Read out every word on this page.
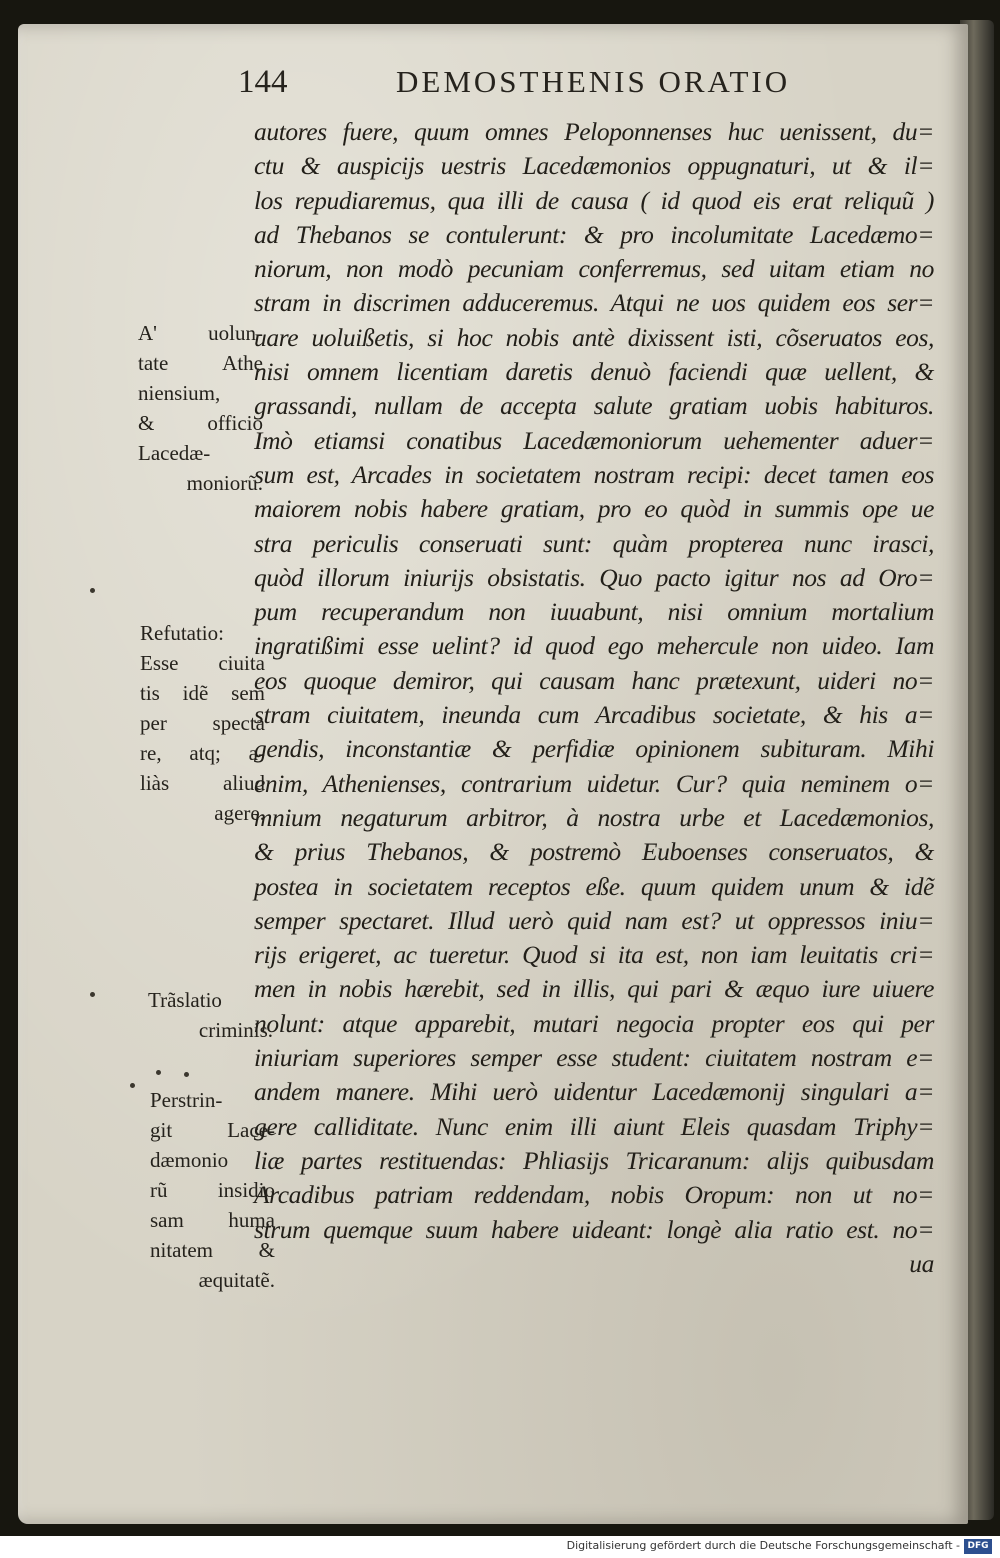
144	DEMOSTHENIS ORATIO
autores fuere, quum omnes Peloponnenses huc uenissent, du=
ctu & auspicijs uestris Lacedæmonios oppugnaturi, ut & il=
los repudiaremus, qua illi de causa ( id quod eis erat reliquũ )
ad Thebanos se contulerunt: & pro incolumitate Lacedæmo=
niorum, non modò pecuniam conferremus, sed uitam etiam no
stram in discrimen adduceremus. Atqui ne uos quidem eos ser=
uare uoluißetis, si hoc nobis antè dixissent isti, cõseruatos eos,
nisi omnem licentiam daretis denuò faciendi quæ uellent, &
grassandi, nullam de accepta salute gratiam uobis habituros.
Imò etiamsi conatibus Lacedæmoniorum uehementer aduer=
sum est, Arcades in societatem nostram recipi: decet tamen eos
maiorem nobis habere gratiam, pro eo quòd in summis ope ue
stra periculis conseruati sunt: quàm propterea nunc irasci,
quòd illorum iniurijs obsistatis. Quo pacto igitur nos ad Oro=
pum recuperandum non iuuabunt, nisi omnium mortalium
ingratißimi esse uelint? id quod ego mehercule non uideo. Iam
eos quoque demiror, qui causam hanc prætexunt, uideri no=
stram ciuitatem, ineunda cum Arcadibus societate, & his a=
gendis, inconstantiæ & perfidiæ opinionem subituram. Mihi
enim, Athenienses, contrarium uidetur. Cur? quia neminem o=
mnium negaturum arbitror, à nostra urbe et Lacedæmonios,
& prius Thebanos, & postremò Euboenses conseruatos, &
postea in societatem receptos eße. quum quidem unum & idẽ
semper spectaret. Illud uerò quid nam est? ut oppressos iniu=
rijs erigeret, ac tueretur. Quod si ita est, non iam leuitatis cri=
men in nobis hærebit, sed in illis, qui pari & æquo iure uiuere
nolunt: atque apparebit, mutari negocia propter eos qui per
iniuriam superiores semper esse student: ciuitatem nostram e=
andem manere. Mihi uerò uidentur Lacedæmonij singulari a=
gere calliditate. Nunc enim illi aiunt Eleis quasdam Triphy=
liæ partes restituendas: Phliasijs Tricaranum: alijs quibusdam
Arcadibus patriam reddendam, nobis Oropum: non ut no=
strum quemque suum habere uideant: longè alia ratio est. no=
ua
A' uolun-
tate Athe
niensium,
& officio
Lacedæ-
moniorũ.
Refutatio:
Esse ciuita
tis idẽ sem
per specta
re, atq; a-
liàs aliud
agere.
Trãslatio
criminis.
Perstrin-
git Lace-
dæmonio
rũ insidio
sam huma
nitatem &
æquitatẽ.
Digitalisierung gefördert durch die Deutsche Forschungsgemeinschaft - DFG
